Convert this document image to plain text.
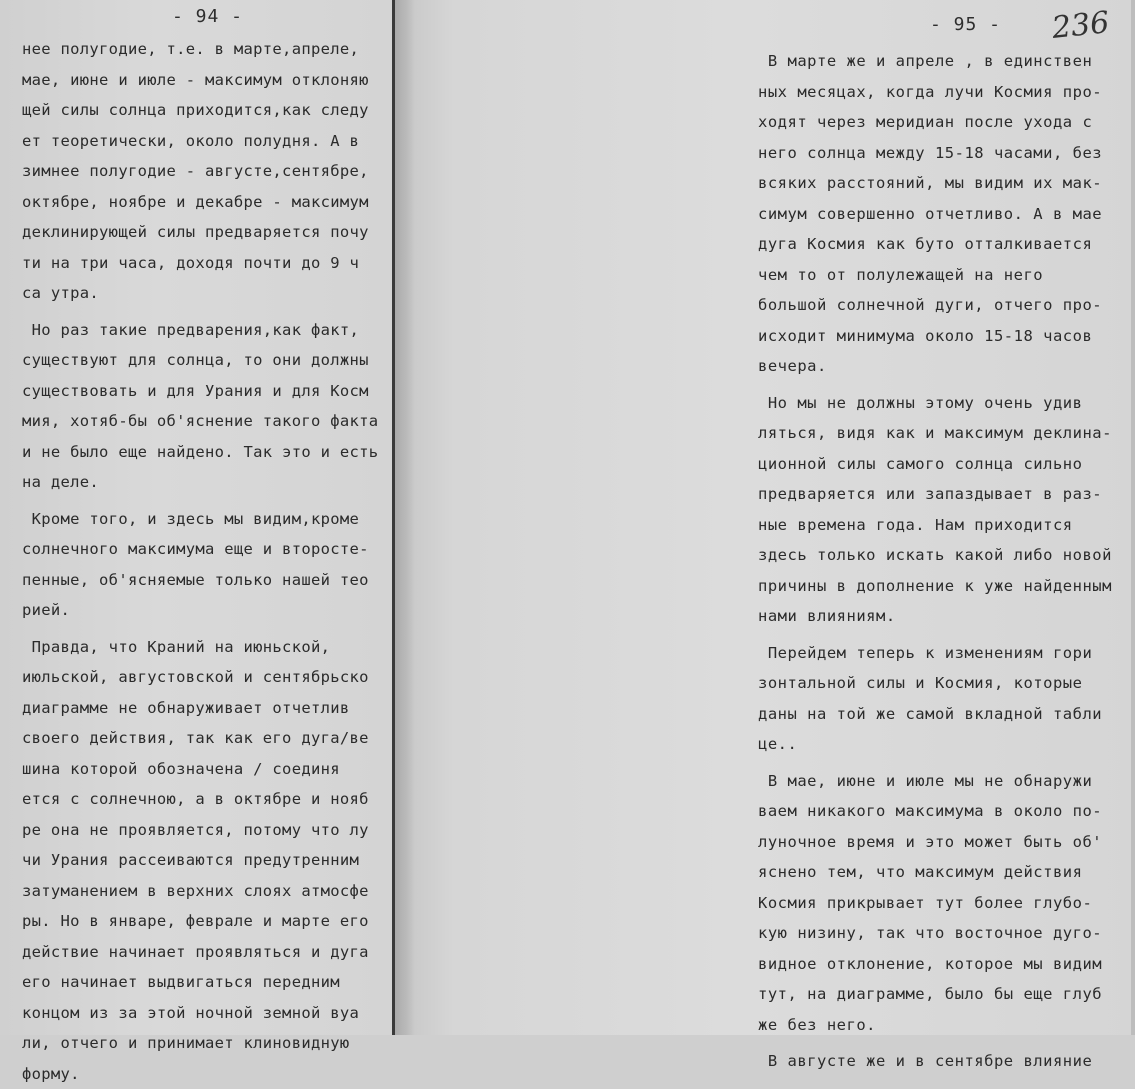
- 94 -	- 95 - 236
нее полугодие, т.е. в марте,апреле,
мае, июне и июле - максимум отклоняю
щей силы солнца приходится,как следу
ет теоретически, около полудня. А в
зимнее полугодие - августе,сентябре,
октябре, ноябре и декабре - максимум
деклинирующей силы предваряется почу
ти на три часа, доходя почти до 9 ч
са утра.
Но раз такие предварения,как факт,
существуют для солнца, то они должны
существовать и для Урания и для Косм
мия, хотяб-бы об'яснение такого факта
и не было еще найдено. Так это и есть
на деле.
Кроме того, и здесь мы видим,кроме
солнечного максимума еще и второсте-
пенные, об'ясняемые только нашей тео
рией.
Правда, что Краний на июньской,
июльской, августовской и сентябрьско
диаграмме не обнаруживает отчетлив
своего действия, так как его дуга/ве
шина которой обозначена / соединя
ется с солнечною, а в октябре и нояб
ре она не проявляется, потому что лу
чи Урания рассеиваются предутренним
затуманением в верхних слоях атмосфе
ры. Но в январе, феврале и марте его
действие начинает проявляться и дуга
его начинает выдвигаться передним
концом из за этой ночной земной вуа
ли, отчего и принимает клиновидную
форму.
В марте же и апреле , в единствен
ных месяцах, когда лучи Космия про-
ходят через меридиан после ухода с
него солнца между 15-18 часами, без
всяких расстояний, мы видим их мак-
симум совершенно отчетливо. А в мае
дуга Космия как буто отталкивается
чем то от полулежащей на него
большой солнечной дуги, отчего про-
исходит минимума около 15-18 часов
вечера.
Но мы не должны этому очень удив
ляться, видя как и максимум деклина-
ционной силы самого солнца сильно
предваряется или запаздывает в раз-
ные времена года. Нам приходится
здесь только искать какой либо новой
причины в дополнение к уже найденным
нами влияниям.
Перейдем теперь к изменениям гори
зонтальной силы и Космия, которые
даны на той же самой вкладной табли
це..
В мае, июне и июле мы не обнаружи
ваем никакого максимума в около по-
луночное время и это может быть об'
яснено тем, что максимум действия
Космия прикрывает тут более глубо-
кую низину, так что восточное дуго-
видное отклонение, которое мы видим
тут, на диаграмме, было бы еще глуб
же без него.
В августе же и в сентябре влияние
